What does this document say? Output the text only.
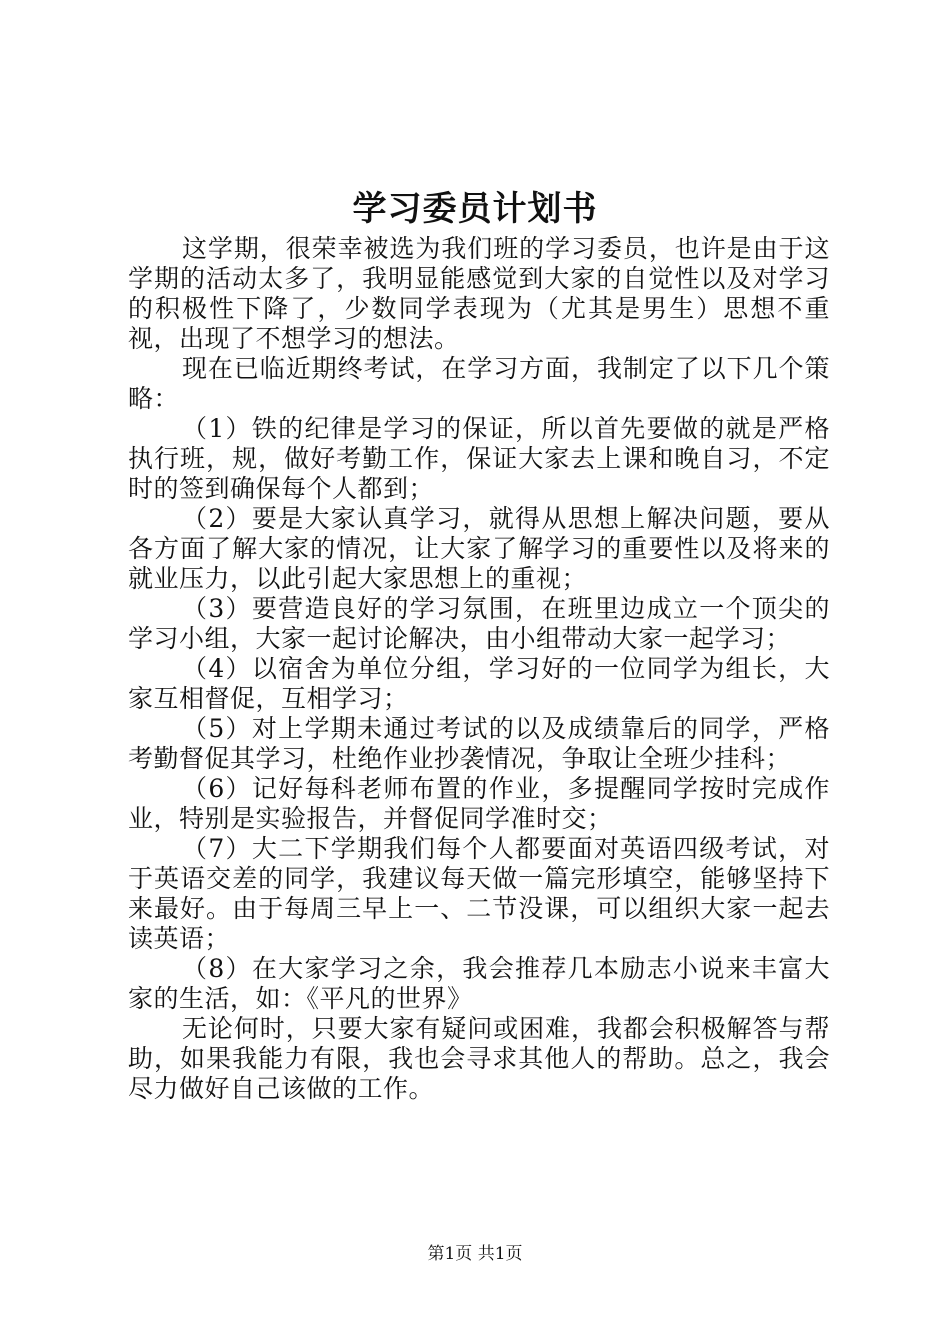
学习委员计划书

这学期，很荣幸被选为我们班的学习委员，也许是由于这学期的活动太多了，我明显能感觉到大家的自觉性以及对学习的积极性下降了，少数同学表现为（尤其是男生）思想不重视，出现了不想学习的想法。

现在已临近期终考试，在学习方面，我制定了以下几个策略：

（1）铁的纪律是学习的保证，所以首先要做的就是严格执行班，规，做好考勤工作，保证大家去上课和晚自习，不定时的签到确保每个人都到；

（2）要是大家认真学习，就得从思想上解决问题，要从各方面了解大家的情况，让大家了解学习的重要性以及将来的就业压力，以此引起大家思想上的重视；

（3）要营造良好的学习氛围，在班里边成立一个顶尖的学习小组，大家一起讨论解决，由小组带动大家一起学习；

（4）以宿舍为单位分组，学习好的一位同学为组长，大家互相督促，互相学习；

（5）对上学期未通过考试的以及成绩靠后的同学，严格考勤督促其学习，杜绝作业抄袭情况，争取让全班少挂科；

（6）记好每科老师布置的作业，多提醒同学按时完成作业，特别是实验报告，并督促同学准时交；

（7）大二下学期我们每个人都要面对英语四级考试，对于英语交差的同学，我建议每天做一篇完形填空，能够坚持下来最好。由于每周三早上一、二节没课，可以组织大家一起去读英语；

（8）在大家学习之余，我会推荐几本励志小说来丰富大家的生活，如：《平凡的世界》

无论何时，只要大家有疑问或困难，我都会积极解答与帮助，如果我能力有限，我也会寻求其他人的帮助。总之，我会尽力做好自己该做的工作。

第1页 共1页
